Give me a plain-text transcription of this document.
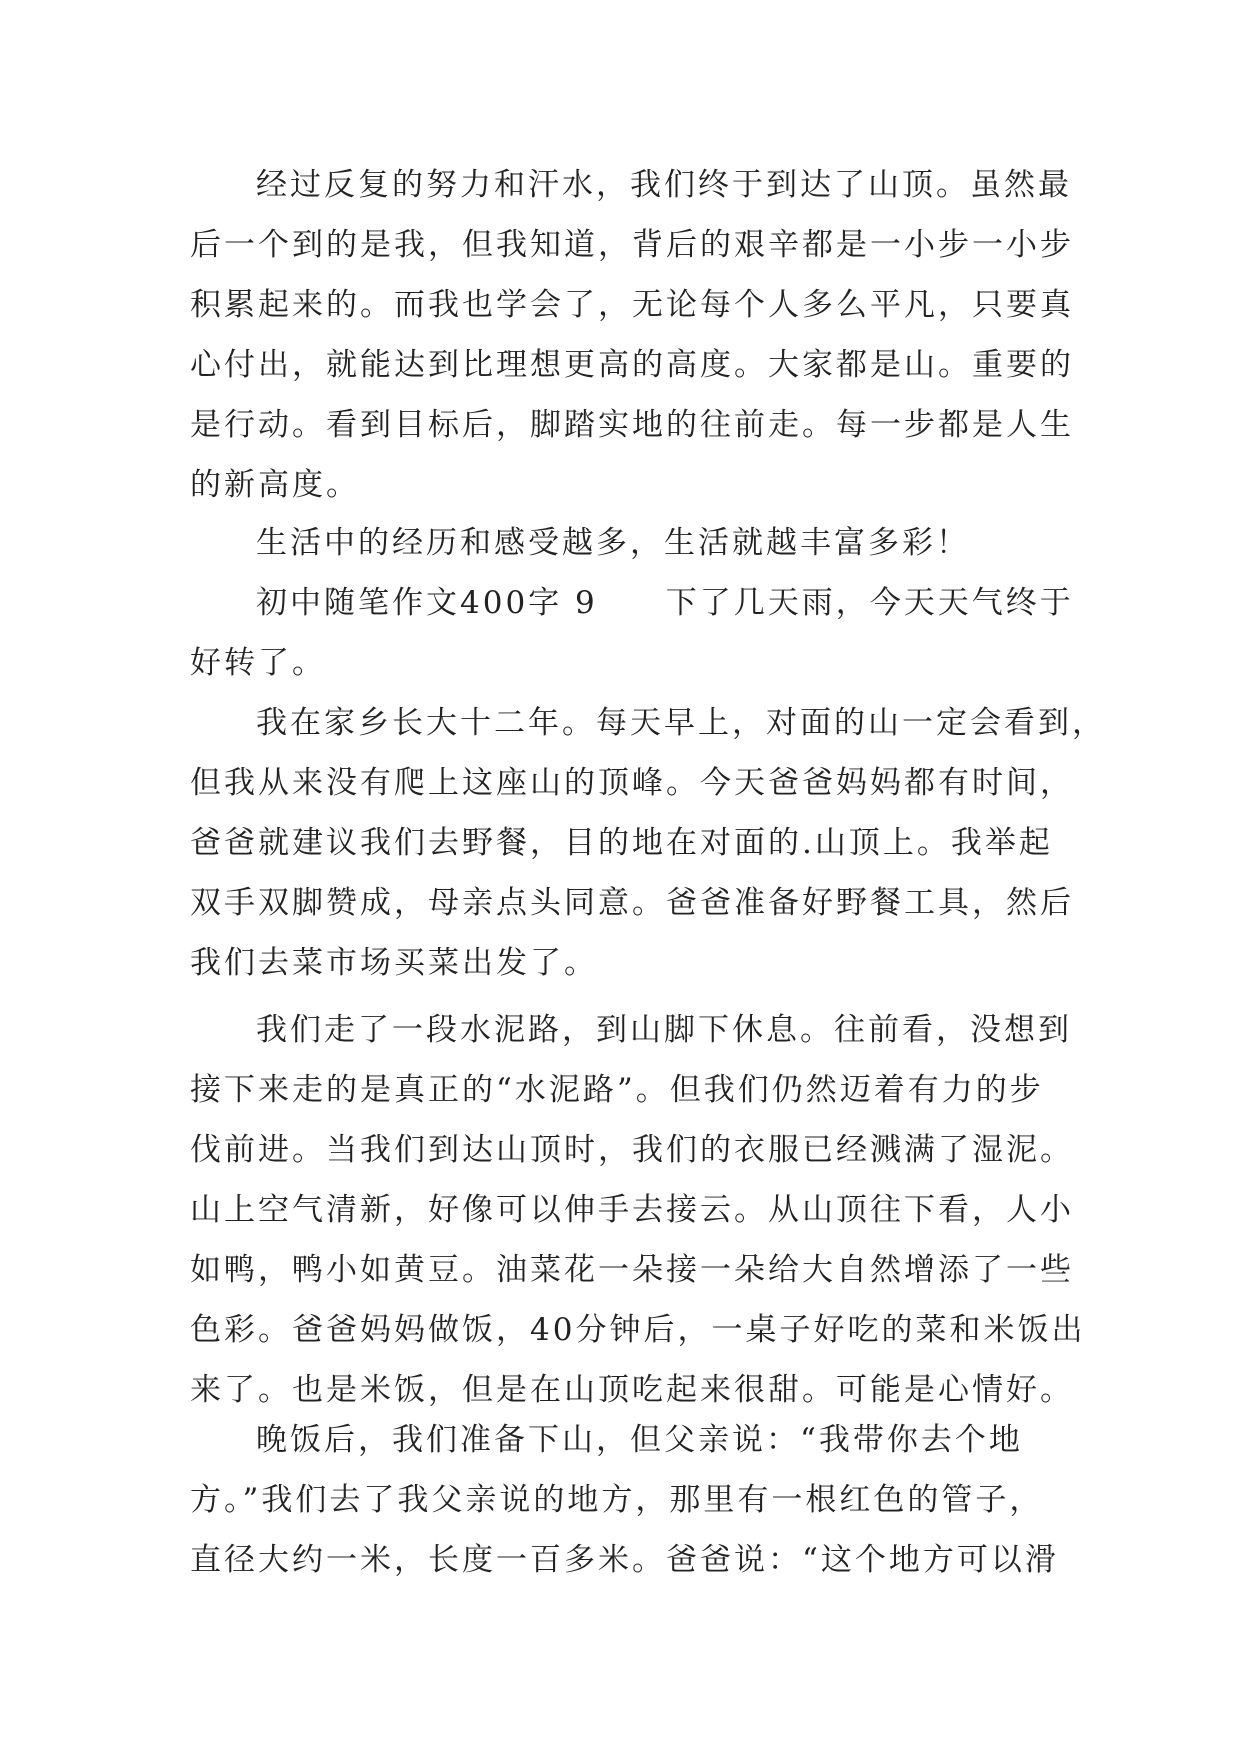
经过反复的努力和汗水，我们终于到达了山顶。虽然最
后一个到的是我，但我知道，背后的艰辛都是一小步一小步
积累起来的。而我也学会了，无论每个人多么平凡，只要真
心付出，就能达到比理想更高的高度。大家都是山。重要的
是行动。看到目标后，脚踏实地的往前走。每一步都是人生
的新高度。

生活中的经历和感受越多，生活就越丰富多彩！

初中随笔作文400字 9　　下了几天雨，今天天气终于
好转了。

我在家乡长大十二年。每天早上，对面的山一定会看到，
但我从来没有爬上这座山的顶峰。今天爸爸妈妈都有时间，
爸爸就建议我们去野餐，目的地在对面的.山顶上。我举起
双手双脚赞成，母亲点头同意。爸爸准备好野餐工具，然后
我们去菜市场买菜出发了。

我们走了一段水泥路，到山脚下休息。往前看，没想到
接下来走的是真正的“水泥路”。但我们仍然迈着有力的步
伐前进。当我们到达山顶时，我们的衣服已经溅满了湿泥。
山上空气清新，好像可以伸手去接云。从山顶往下看，人小
如鸭，鸭小如黄豆。油菜花一朵接一朵给大自然增添了一些
色彩。爸爸妈妈做饭，40分钟后，一桌子好吃的菜和米饭出
来了。也是米饭，但是在山顶吃起来很甜。可能是心情好。

晚饭后，我们准备下山，但父亲说：“我带你去个地
方。”我们去了我父亲说的地方，那里有一根红色的管子，
直径大约一米，长度一百多米。爸爸说：“这个地方可以滑
